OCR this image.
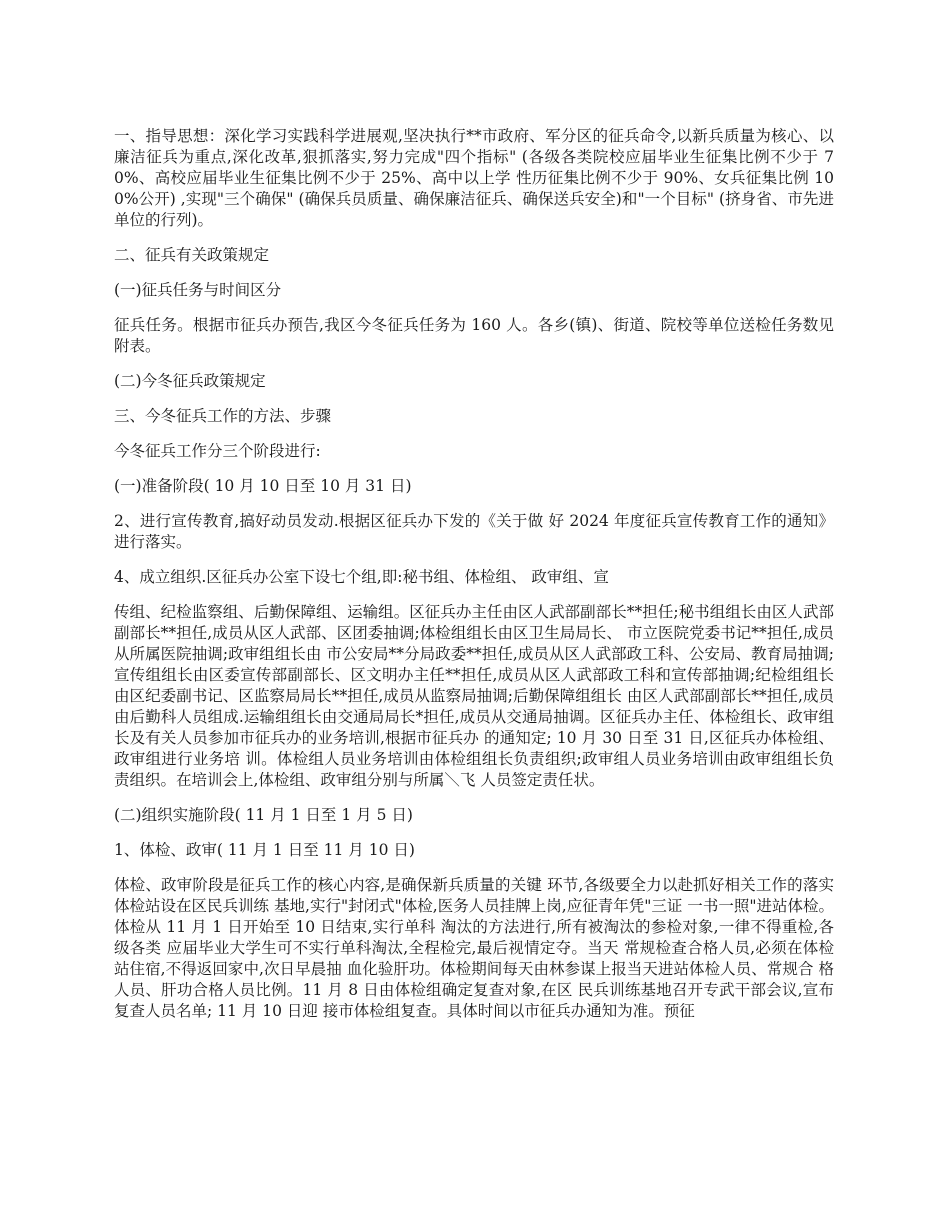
一、指导思想：深化学习实践科学进展观,坚决执行**市政府、军分区的征兵命令,以新兵质量为核心、以廉洁征兵为重点,深化改革,狠抓落实,努力完成"四个指标" (各级各类院校应届毕业生征集比例不少于 70%、高校应届毕业生征集比例不少于 25%、高中以上学 性历征集比例不少于 90%、女兵征集比例 100%公开) ,实现"三个确保" (确保兵员质量、确保廉洁征兵、确保送兵安全)和"一个目标" (挤身省、市先进单位的行列)。

二、征兵有关政策规定

(一)征兵任务与时间区分

征兵任务。根据市征兵办预告,我区今冬征兵任务为 160 人。各乡(镇)、街道、院校等单位送检任务数见附表。

(二)今冬征兵政策规定

三、今冬征兵工作的方法、步骤

今冬征兵工作分三个阶段进行:

(一)准备阶段( 10 月 10 日至 10 月 31 日)

2、进行宣传教育,搞好动员发动.根据区征兵办下发的《关于做 好 2024 年度征兵宣传教育工作的通知》进行落实。

4、成立组织.区征兵办公室下设七个组,即:秘书组、体检组、 政审组、宣

传组、纪检监察组、后勤保障组、运输组。区征兵办主任由区人武部副部长**担任;秘书组组长由区人武部副部长**担任,成员从区人武部、区团委抽调;体检组组长由区卫生局局长、 市立医院党委书记**担任,成员从所属医院抽调;政审组组长由 市公安局**分局政委**担任,成员从区人武部政工科、公安局、教育局抽调;宣传组组长由区委宣传部副部长、区文明办主任**担任,成员从区人武部政工科和宣传部抽调;纪检组组长由区纪委副书记、区监察局局长**担任,成员从监察局抽调;后勤保障组组长 由区人武部副部长**担任,成员由后勤科人员组成.运输组组长由交通局局长*担任,成员从交通局抽调。区征兵办主任、体检组长、政审组长及有关人员参加市征兵办的业务培训,根据市征兵办 的通知定; 10 月 30 日至 31 日,区征兵办体检组、政审组进行业务培 训。体检组人员业务培训由体检组组长负责组织;政审组人员业务培训由政审组组长负责组织。在培训会上,体检组、政审组分别与所属＼飞 人员签定责任状。

(二)组织实施阶段( 11 月 1 日至 1 月 5 日)

1、体检、政审( 11 月 1 日至 11 月 10 日)

体检、政审阶段是征兵工作的核心内容,是确保新兵质量的关键 环节,各级要全力以赴抓好相关工作的落实体检站设在区民兵训练 基地,实行"封闭式"体检,医务人员挂牌上岗,应征青年凭"三证 一书一照"进站体检。体检从 11 月 1 日开始至 10 日结束,实行单科 淘汰的方法进行,所有被淘汰的参检对象,一律不得重检,各级各类 应届毕业大学生可不实行单科淘汰,全程检完,最后视情定夺。当天 常规检查合格人员,必须在体检站住宿,不得返回家中,次日早晨抽 血化验肝功。体检期间每天由林参谋上报当天进站体检人员、常规合 格人员、肝功合格人员比例。11 月 8 日由体检组确定复查对象,在区 民兵训练基地召开专武干部会议,宣布复查人员名单; 11 月 10 日迎 接市体检组复查。具体时间以市征兵办通知为准。预征
